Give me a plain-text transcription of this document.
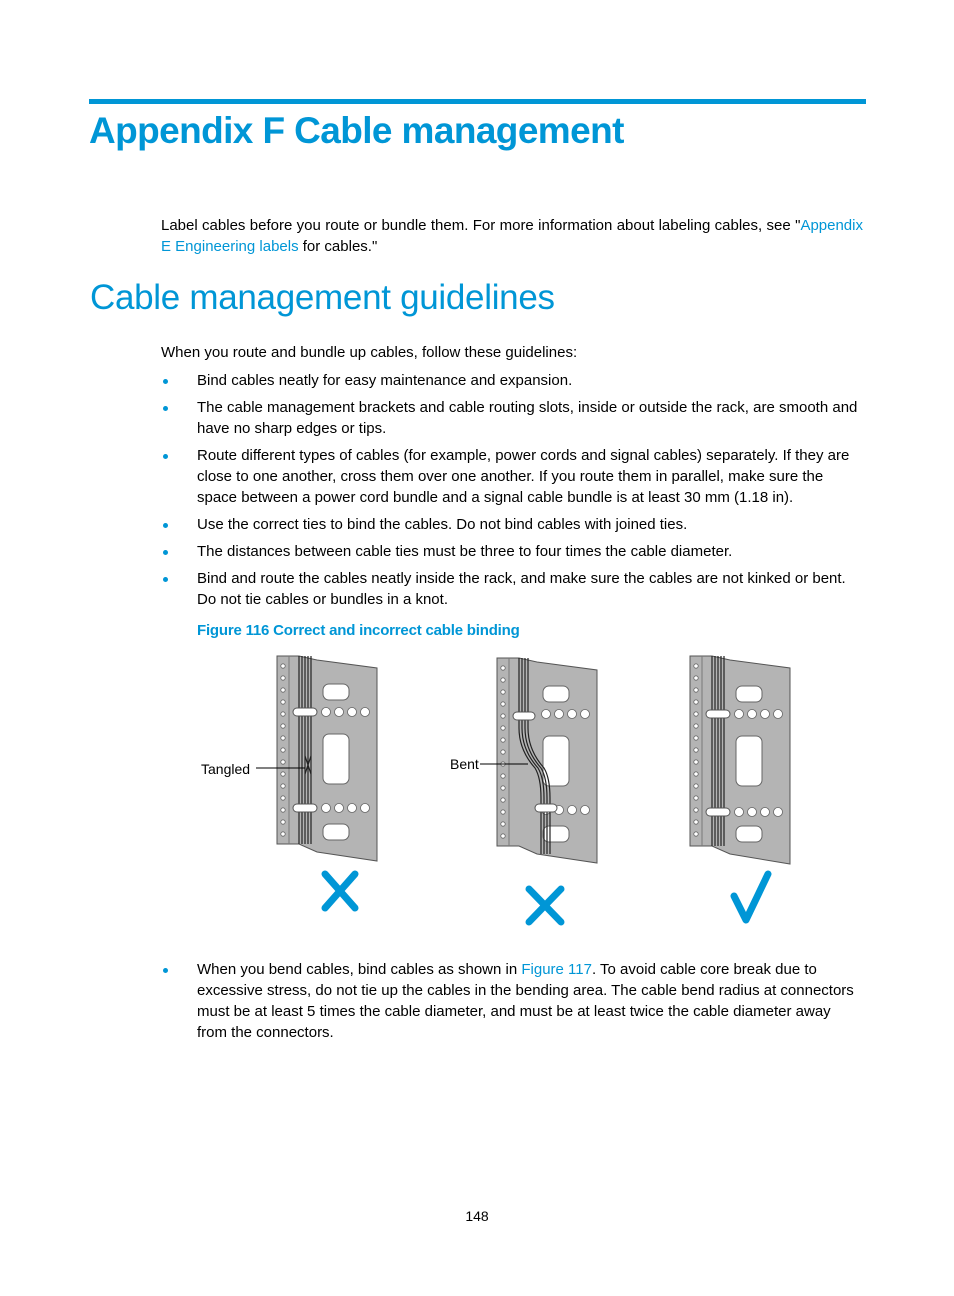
Appendix F Cable management

Label cables before you route or bundle them. For more information about labeling cables, see "Appendix E Engineering labels for cables."

Cable management guidelines

When you route and bundle up cables, follow these guidelines:

Bind cables neatly for easy maintenance and expansion.
The cable management brackets and cable routing slots, inside or outside the rack, are smooth and have no sharp edges or tips.
Route different types of cables (for example, power cords and signal cables) separately. If they are close to one another, cross them over one another. If you route them in parallel, make sure the space between a power cord bundle and a signal cable bundle is at least 30 mm (1.18 in).
Use the correct ties to bind the cables. Do not bind cables with joined ties.
The distances between cable ties must be three to four times the cable diameter.
Bind and route the cables neatly inside the rack, and make sure the cables are not kinked or bent. Do not tie cables or bundles in a knot.

Figure 116 Correct and incorrect cable binding

Tangled	Bent
When you bend cables, bind cables as shown in Figure 117. To avoid cable core break due to excessive stress, do not tie up the cables in the bending area. The cable bend radius at connectors must be at least 5 times the cable diameter, and must be at least twice the cable diameter away from the connectors.
148
